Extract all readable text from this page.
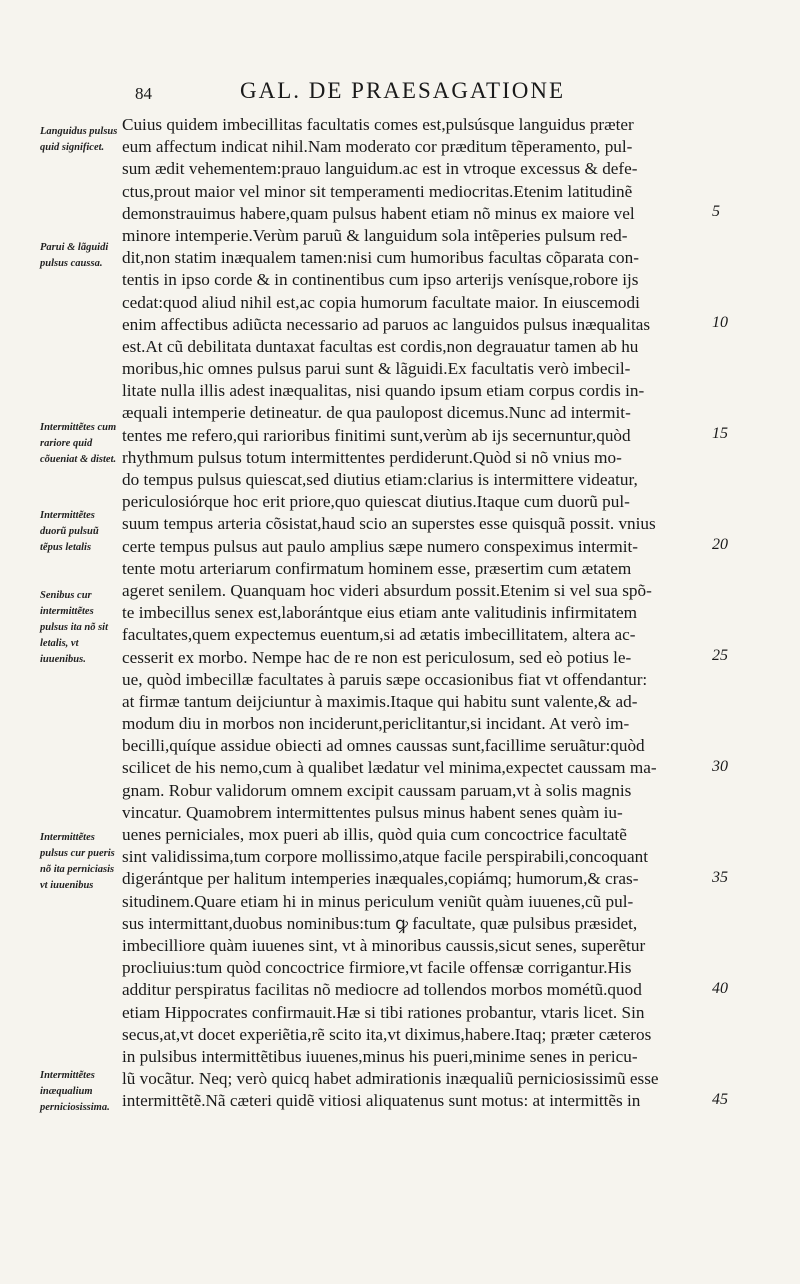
84	GAL. DE PRAESAGATIONE
Languidus pulsus quid significet.
Parui & lãguidi pulsus caussa.
Intermittẽtes cum rariore quid cõueniat & distet.
Intermittẽtes duorũ pulsuũ tẽpus letalis
Senibus cur intermittẽtes pulsus ita nõ sit letalis, vt iuuenibus.
Intermittẽtes pulsus cur pueris nõ ita perniciasis vt iuuenibus
Intermittẽtes inæqualium perniciosissima.
Cuius quidem imbecillitas facultatis comes est,pulsúsque languidus præter
eum affectum indicat nihil.Nam moderato cor præditum tẽperamento, pul-
sum ædit vehementem:prauo languidum.ac est in vtroque excessus & defe-
ctus,prout maior vel minor sit temperamenti mediocritas.Etenim latitudinẽ
demonstrauimus habere,quam pulsus habent etiam nõ minus ex maiore vel
minore intemperie.Verùm paruũ & languidum sola intẽperies pulsum red-
dit,non statim inæqualem tamen:nisi cum humoribus facultas cõparata con-
tentis in ipso corde & in continentibus cum ipso arterijs venísque,robore ijs
cedat:quod aliud nihil est,ac copia humorum facultate maior. In eiuscemodi
enim affectibus adiũcta necessario ad paruos ac languidos pulsus inæqualitas
est.At cũ debilitata duntaxat facultas est cordis,non degrauatur tamen ab hu
moribus,hic omnes pulsus parui sunt & lãguidi.Ex facultatis verò imbecil-
litate nulla illis adest inæqualitas, nisi quando ipsum etiam corpus cordis in-
æquali intemperie detineatur. de qua paulopost dicemus.Nunc ad intermit-
tentes me refero,qui rarioribus finitimi sunt,verùm ab ijs secernuntur,quòd
rhythmum pulsus totum intermittentes perdiderunt.Quòd si nõ vnius mo-
do tempus pulsus quiescat,sed diutius etiam:clarius is intermittere videatur,
periculosiórque hoc erit priore,quo quiescat diutius.Itaque cum duorũ pul-
suum tempus arteria cõsistat,haud scio an superstes esse quisquã possit. vnius
certe tempus pulsus aut paulo amplius sæpe numero conspeximus intermit-
tente motu arteriarum confirmatum hominem esse, præsertim cum ætatem
ageret senilem. Quanquam hoc videri absurdum possit.Etenim si vel sua spõ-
te imbecillus senex est,laborántque eius etiam ante valitudinis infirmitatem
facultates,quem expectemus euentum,si ad ætatis imbecillitatem, altera ac-
cesserit ex morbo. Nempe hac de re non est periculosum, sed eò potius le-
ue, quòd imbecillæ facultates à paruis sæpe occasionibus fiat vt offendantur:
at firmæ tantum deijciuntur à maximis.Itaque qui habitu sunt valente,& ad-
modum diu in morbos non inciderunt,periclitantur,si incidant. At verò im-
becilli,quíque assidue obiecti ad omnes caussas sunt,facillime seruãtur:quòd
scilicet de his nemo,cum à qualibet lædatur vel minima,expectet caussam ma-
gnam. Robur validorum omnem excipit caussam paruam,vt à solis magnis
vincatur. Quamobrem intermittentes pulsus minus habent senes quàm iu-
uenes perniciales, mox pueri ab illis, quòd quia cum concoctrice facultatẽ
sint validissima,tum corpore mollissimo,atque facile perspirabili,concoquant
digerántque per halitum intemperies inæquales,copiámq; humorum,& cras-
situdinem.Quare etiam hi in minus periculum veniũt quàm iuuenes,cũ pul-
sus intermittant,duobus nominibus:tum ꝙ facultate, quæ pulsibus præsidet,
imbecilliore quàm iuuenes sint, vt à minoribus caussis,sicut senes, superẽtur
procliuius:tum quòd concoctrice firmiore,vt facile offensæ corrigantur.His
additur perspiratus facilitas nõ mediocre ad tollendos morbos mométũ.quod
etiam Hippocrates confirmauit.Hæ si tibi rationes probantur, vtaris licet. Sin
secus,at,vt docet experiẽtia,rẽ scito ita,vt diximus,habere.Itaq; præter cæteros
in pulsibus intermittẽtibus iuuenes,minus his pueri,minime senes in pericu-
lũ vocãtur. Neq; verò quicq habet admirationis inæqualiũ perniciosissimũ esse
intermittẽtẽ.Nã cæteri quidẽ vitiosi aliquatenus sunt motus: at intermittẽs in
5
10
15
20
25
30
35
40
45
